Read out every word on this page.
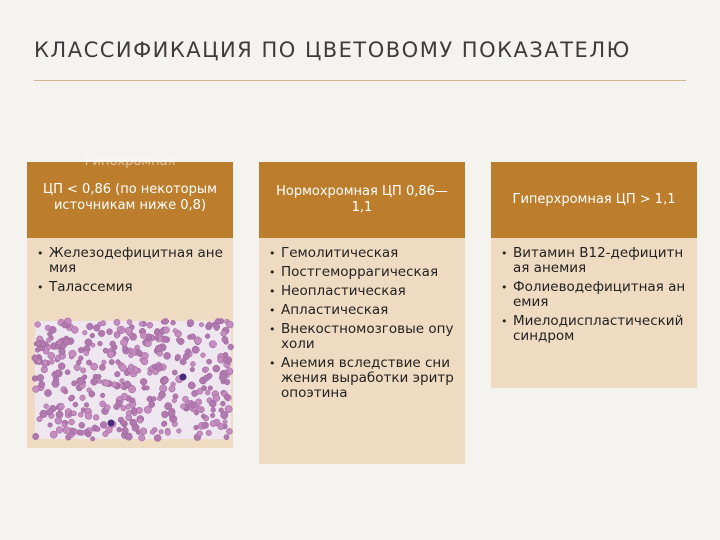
КЛАССИФИКАЦИЯ ПО ЦВЕТОВОМУ ПОКАЗАТЕЛЮ
Гипохромная
ЦП < 0,86 (по некоторым источникам ниже 0,8)
• Железодефицитная анемия
• Талассемия
Нормохромная ЦП 0,86—1,1
• Гемолитическая
• Постгеморрагическая
• Неопластическая
• Апластическая
• Внекостномозговые опухоли
• Анемия вследствие снижения выработки эритропоэтина
Гиперхромная ЦП > 1,1
• Витамин В12-дефицитная анемия
• Фолиеводефицитная анемия
• Миелодиспластический синдром
